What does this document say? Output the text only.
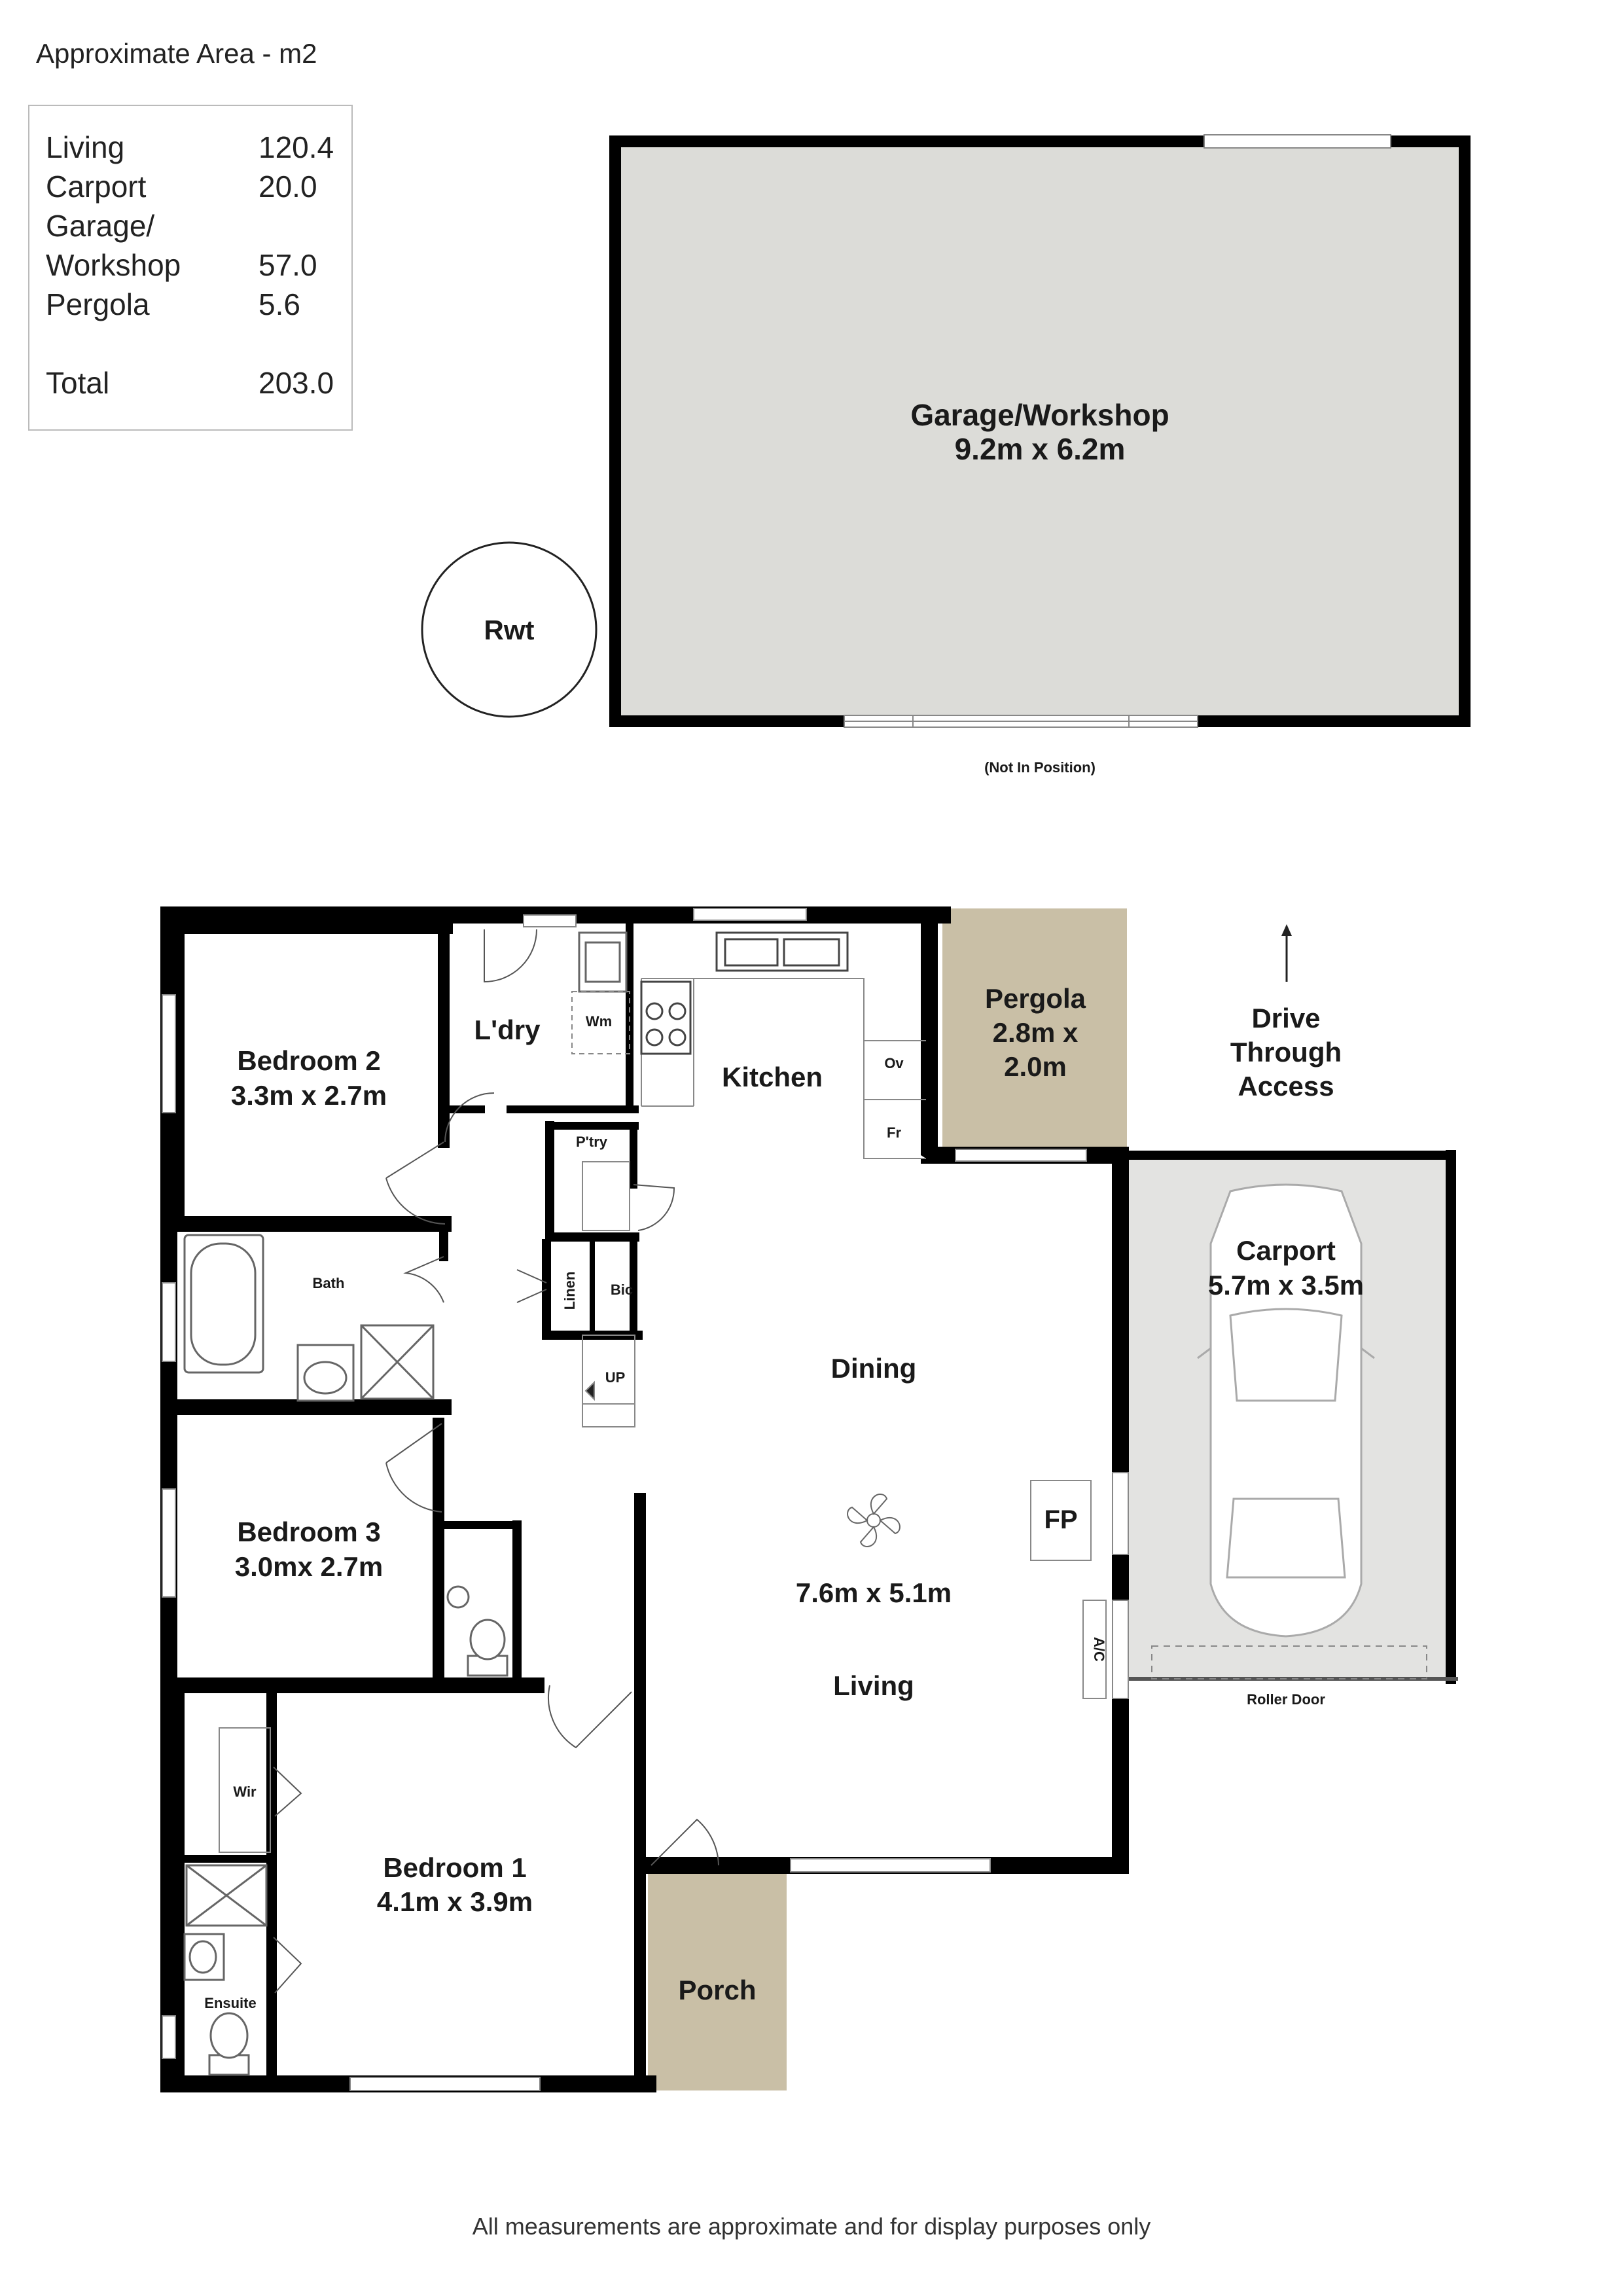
Approximate Area - m2
Living	120.4
Carport	20.0
Garage/
Workshop	57.0
Pergola	5.6
Total	203.0
Garage/Workshop
9.2m x 6.2m
(Not In Position)
Rwt
Bedroom 2
3.3m x 2.7m
Bedroom 3
3.0mx 2.7m
Bedroom 1
4.1m x 3.9m
L'dry
Kitchen
Dining
7.6m x 5.1m
Living
Porch
Pergola
2.8m x
2.0m
Carport
5.7m x 3.5m
Drive
Through
Access
Wm
Ov
Fr
P'try
Linen Bic
UP
Bath
Wir
Ensuite
FP
A/C
Roller Door
All measurements are approximate and for display purposes only
